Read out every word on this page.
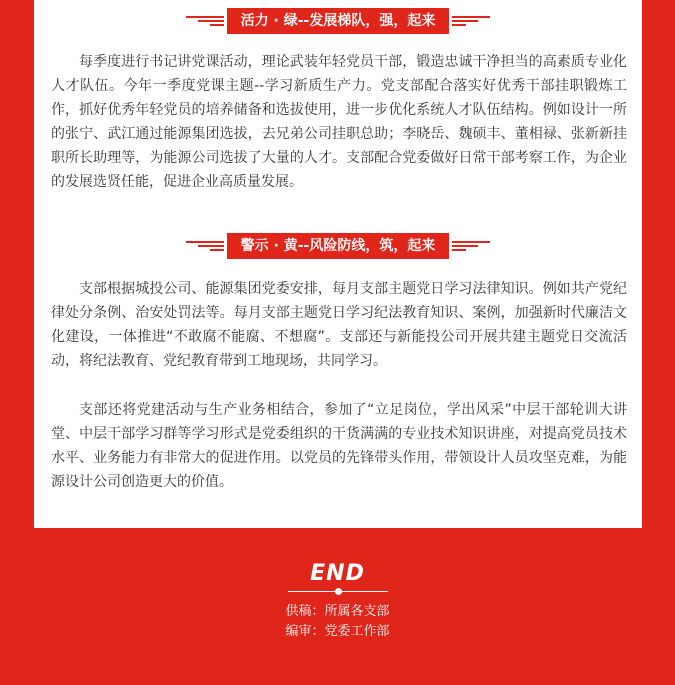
活力 · 绿--发展梯队，强，起来

每季度进行书记讲党课活动，理论武装年轻党员干部，锻造忠诚干净担当的高素质专业化人才队伍。今年一季度党课主题--学习新质生产力。党支部配合落实好优秀干部挂职锻炼工作，抓好优秀年轻党员的培养储备和选拔使用，进一步优化系统人才队伍结构。例如设计一所的张宁、武江通过能源集团选拔，去兄弟公司挂职总助；李晓岳、魏硕丰、董相禄、张新新挂职所长助理等，为能源公司选拔了大量的人才。支部配合党委做好日常干部考察工作，为企业的发展选贤任能，促进企业高质量发展。

警示 · 黄--风险防线，筑，起来

支部根据城投公司、能源集团党委安排，每月支部主题党日学习法律知识。例如共产党纪律处分条例、治安处罚法等。每月支部主题党日学习纪法教育知识、案例，加强新时代廉洁文化建设，一体推进“不敢腐不能腐、不想腐”。支部还与新能投公司开展共建主题党日交流活动，将纪法教育、党纪教育带到工地现场，共同学习。

支部还将党建活动与生产业务相结合，参加了“立足岗位，学出风采”中层干部轮训大讲堂、中层干部学习群等学习形式是党委组织的干货满满的专业技术知识讲座，对提高党员技术水平、业务能力有非常大的促进作用。以党员的先锋带头作用，带领设计人员攻坚克难，为能源设计公司创造更大的价值。

END
供稿：所属各支部
编审：党委工作部
